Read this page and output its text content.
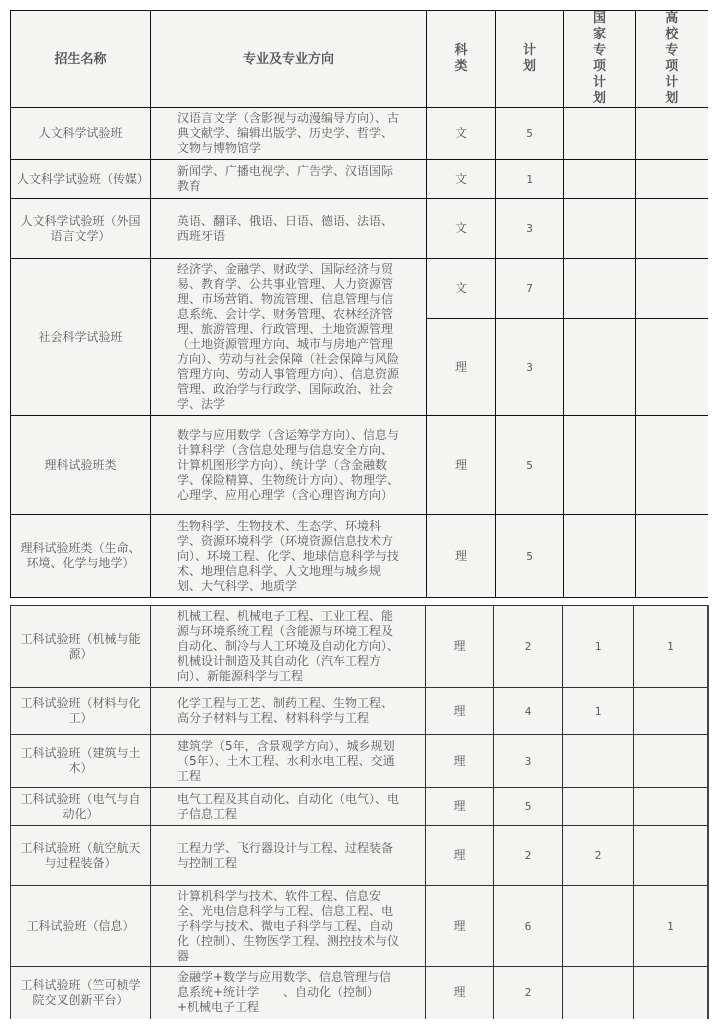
招生名称	专业及专业方向	科类	计划	国家专项计划	高校专项计划

人文科学试验班	汉语言文学（含影视与动漫编导方向）、古典文献学、编辑出版学、历史学、哲学、文物与博物馆学	文	5		
人文科学试验班（传媒）	新闻学、广播电视学、广告学、汉语国际教育	文	1		
人文科学试验班（外国语言文学）	英语、翻译、俄语、日语、德语、法语、西班牙语	文	3		
社会科学试验班	经济学、金融学、财政学、国际经济与贸易、教育学、公共事业管理、人力资源管理、市场营销、物流管理、信息管理与信息系统、会计学、财务管理、农林经济管理、旅游管理、行政管理、土地资源管理（土地资源管理方向、城市与房地产管理方向）、劳动与社会保障（社会保障与风险管理方向、劳动人事管理方向）、信息资源管理、政治学与行政学、国际政治、社会学、法学	文	7		
		理	3		
理科试验班类	数学与应用数学（含运筹学方向）、信息与计算科学（含信息处理与信息安全方向、计算机图形学方向）、统计学（含金融数学、保险精算、生物统计方向）、物理学、心理学、应用心理学（含心理咨询方向）	理	5		
理科试验班类（生命、环境、化学与地学）	生物科学、生物技术、生态学、环境科学、资源环境科学（环境资源信息技术方向）、环境工程、化学、地球信息科学与技术、地理信息科学、人文地理与城乡规划、大气科学、地质学	理	5		
工科试验班（机械与能源）	机械工程、机械电子工程、工业工程、能源与环境系统工程（含能源与环境工程及自动化、制冷与人工环境及自动化方向）、机械设计制造及其自动化（汽车工程方向）、新能源科学与工程	理	2	1	1
工科试验班（材料与化工）	化学工程与工艺、制药工程、生物工程、高分子材料与工程、材料科学与工程	理	4	1	
工科试验班（建筑与土木）	建筑学（5年，含景观学方向）、城乡规划（5年）、土木工程、水利水电工程、交通工程	理	3		
工科试验班（电气与自动化）	电气工程及其自动化、自动化（电气）、电子信息工程	理	5		
工科试验班（航空航天与过程装备）	工程力学、飞行器设计与工程、过程装备与控制工程	理	2	2	
工科试验班（信息）	计算机科学与技术、软件工程、信息安全、光电信息科学与工程、信息工程、电子科学与技术、微电子科学与工程、自动化（控制）、生物医学工程、测控技术与仪器	理	6		1
工科试验班（竺可桢学院交叉创新平台）	金融学+数学与应用数学、信息管理与信息系统+统计学　　、自动化（控制）+机械电子工程	理	2		
